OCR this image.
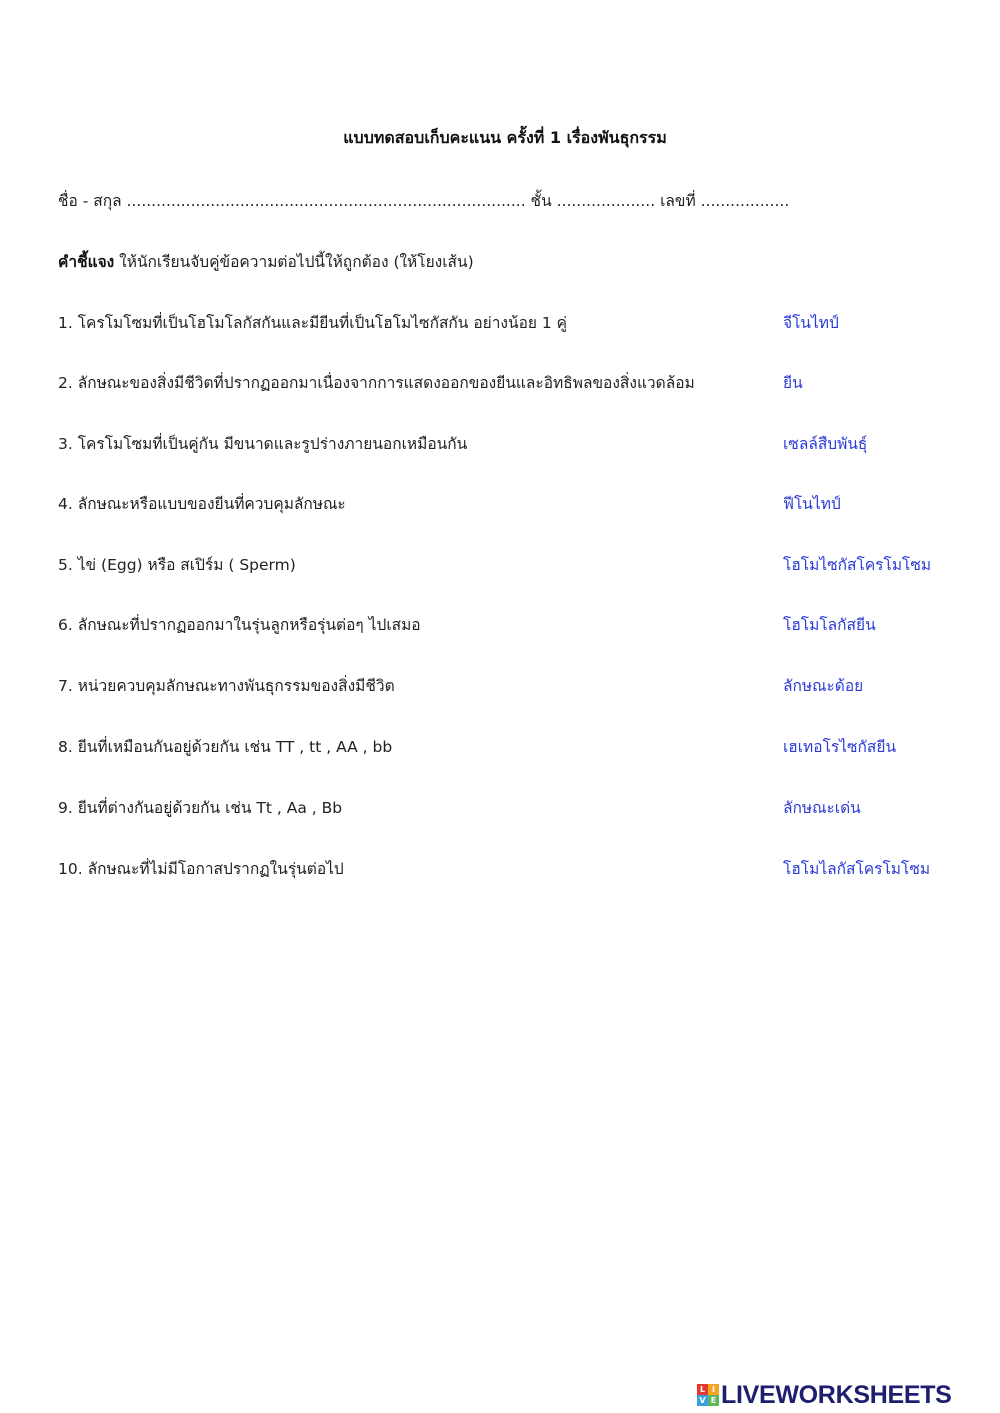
แบบทดสอบเก็บคะแนน ครั้งที่ 1 เรื่องพันธุกรรม
ชื่อ - สกุล ................................................................................. ชั้น .................... เลขที่ ..................
คำชี้แจง ให้นักเรียนจับคู่ข้อความต่อไปนี้ให้ถูกต้อง (ให้โยงเส้น)
1. โครโมโซมที่เป็นโฮโมโลกัสกันและมียีนที่เป็นโฮโมไซกัสกัน อย่างน้อย 1 คู่
2. ลักษณะของสิ่งมีชีวิตที่ปรากฏออกมาเนื่องจากการแสดงออกของยีนและอิทธิพลของสิ่งแวดล้อม
3. โครโมโซมที่เป็นคู่กัน มีขนาดและรูปร่างภายนอกเหมือนกัน
4. ลักษณะหรือแบบของยีนที่ควบคุมลักษณะ
5. ไข่ (Egg) หรือ สเปิร์ม ( Sperm)
6. ลักษณะที่ปรากฏออกมาในรุ่นลูกหรือรุ่นต่อๆ ไปเสมอ
7. หน่วยควบคุมลักษณะทางพันธุกรรมของสิ่งมีชีวิต
8. ยีนที่เหมือนกันอยู่ด้วยกัน เช่น TT , tt , AA , bb
9. ยีนที่ต่างกันอยู่ด้วยกัน เช่น Tt , Aa , Bb
10. ลักษณะที่ไม่มีโอกาสปรากฏในรุ่นต่อไป
จีโนไทป์
ยีน
เซลล์สืบพันธุ์
ฟีโนไทป์
โฮโมไซกัสโครโมโซม
โฮโมโลกัสยีน
ลักษณะด้อย
เฮเทอโรไซกัสยีน
ลักษณะเด่น
โฮโมไลกัสโครโมโซม
L I
V E LIVEWORKSHEETS
